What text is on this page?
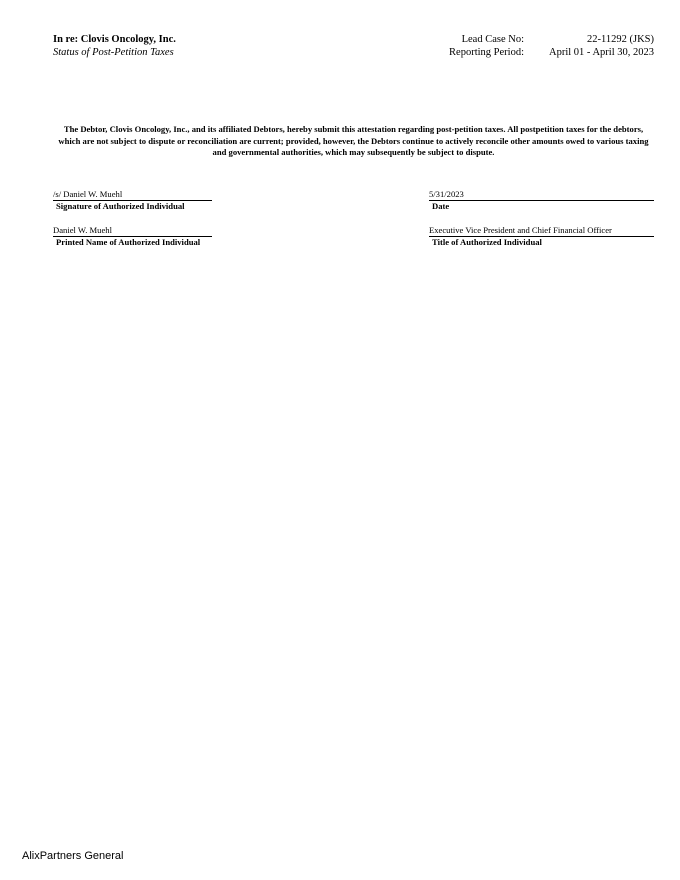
In re: Clovis Oncology, Inc.
Status of Post-Petition Taxes
Lead Case No:	22-11292 (JKS)
Reporting Period:	April 01 - April 30, 2023
The Debtor, Clovis Oncology, Inc., and its affiliated Debtors, hereby submit this attestation regarding post-petition taxes. All postpetition taxes for the debtors, which are not subject to dispute or reconciliation are current; provided, however, the Debtors continue to actively reconcile other amounts owed to various taxing and governmental authorities, which may subsequently be subject to dispute.
/s/ Daniel W. Muehl
Signature of Authorized Individual
5/31/2023
Date
Daniel W. Muehl
Printed Name of Authorized Individual
Executive Vice President and Chief Financial Officer
Title of Authorized Individual
AlixPartners General
